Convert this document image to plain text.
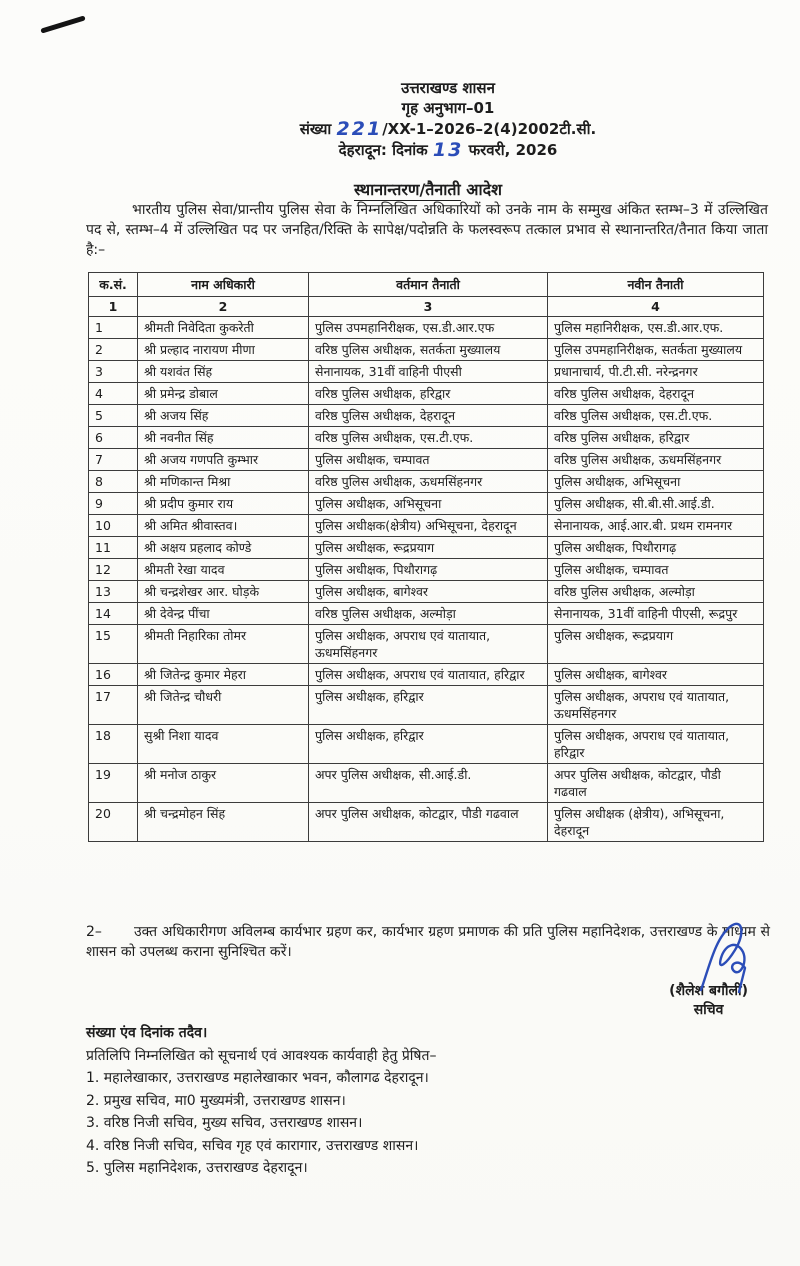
उत्तराखण्ड शासन
गृह अनुभाग–01
संख्या 221/XX-1–2026–2(4)2002टी.सी.
देहरादून: दिनांक 13 फरवरी, 2026
स्थानान्तरण/तैनाती आदेश
भारतीय पुलिस सेवा/प्रान्तीय पुलिस सेवा के निम्नलिखित अधिकारियों को उनके नाम के सम्मुख अंकित स्तम्भ–3 में उल्लिखित पद से, स्तम्भ–4 में उल्लिखित पद पर जनहित/रिक्ति के सापेक्ष/पदोन्नति के फलस्वरूप तत्काल प्रभाव से स्थानान्तरित/तैनात किया जाता है:–
क.सं.	नाम अधिकारी	वर्तमान तैनाती	नवीन तैनाती
1	2	3	4
1	श्रीमती निवेदिता कुकरेती	पुलिस उपमहानिरीक्षक, एस.डी.आर.एफ	पुलिस महानिरीक्षक, एस.डी.आर.एफ.
2	श्री प्रल्हाद नारायण मीणा	वरिष्ठ पुलिस अधीक्षक, सतर्कता मुख्यालय	पुलिस उपमहानिरीक्षक, सतर्कता मुख्यालय
3	श्री यशवंत सिंह	सेनानायक, 31वीं वाहिनी पीएसी	प्रधानाचार्य, पी.टी.सी. नरेन्द्रनगर
4	श्री प्रमेन्द्र डोबाल	वरिष्ठ पुलिस अधीक्षक, हरिद्वार	वरिष्ठ पुलिस अधीक्षक, देहरादून
5	श्री अजय सिंह	वरिष्ठ पुलिस अधीक्षक, देहरादून	वरिष्ठ पुलिस अधीक्षक, एस.टी.एफ.
6	श्री नवनीत सिंह	वरिष्ठ पुलिस अधीक्षक, एस.टी.एफ.	वरिष्ठ पुलिस अधीक्षक, हरिद्वार
7	श्री अजय गणपति कुम्भार	पुलिस अधीक्षक, चम्पावत	वरिष्ठ पुलिस अधीक्षक, ऊधमसिंहनगर
8	श्री मणिकान्त मिश्रा	वरिष्ठ पुलिस अधीक्षक, ऊधमसिंहनगर	पुलिस अधीक्षक, अभिसूचना
9	श्री प्रदीप कुमार राय	पुलिस अधीक्षक, अभिसूचना	पुलिस अधीक्षक, सी.बी.सी.आई.डी.
10	श्री अमित श्रीवास्तव।	पुलिस अधीक्षक(क्षेत्रीय) अभिसूचना, देहरादून	सेनानायक, आई.आर.बी. प्रथम रामनगर
11	श्री अक्षय प्रहलाद कोण्डे	पुलिस अधीक्षक, रूद्रप्रयाग	पुलिस अधीक्षक, पिथौरागढ़
12	श्रीमती रेखा यादव	पुलिस अधीक्षक, पिथौरागढ़	पुलिस अधीक्षक, चम्पावत
13	श्री चन्द्रशेखर आर. घोड़के	पुलिस अधीक्षक, बागेश्वर	वरिष्ठ पुलिस अधीक्षक, अल्मोड़ा
14	श्री देवेन्द्र पींचा	वरिष्ठ पुलिस अधीक्षक, अल्मोड़ा	सेनानायक, 31वीं वाहिनी पीएसी, रूद्रपुर
15	श्रीमती निहारिका तोमर	पुलिस अधीक्षक, अपराध एवं यातायात, ऊधमसिंहनगर	पुलिस अधीक्षक, रूद्रप्रयाग
16	श्री जितेन्द्र कुमार मेहरा	पुलिस अधीक्षक, अपराध एवं यातायात, हरिद्वार	पुलिस अधीक्षक, बागेश्वर
17	श्री जितेन्द्र चौधरी	पुलिस अधीक्षक, हरिद्वार	पुलिस अधीक्षक, अपराध एवं यातायात, ऊधमसिंहनगर
18	सुश्री निशा यादव	पुलिस अधीक्षक, हरिद्वार	पुलिस अधीक्षक, अपराध एवं यातायात, हरिद्वार
19	श्री मनोज ठाकुर	अपर पुलिस अधीक्षक, सी.आई.डी.	अपर पुलिस अधीक्षक, कोटद्वार, पौडी गढवाल
20	श्री चन्द्रमोहन सिंह	अपर पुलिस अधीक्षक, कोटद्वार, पौडी गढवाल	पुलिस अधीक्षक (क्षेत्रीय), अभिसूचना, देहरादून
2– उक्त अधिकारीगण अविलम्ब कार्यभार ग्रहण कर, कार्यभार ग्रहण प्रमाणक की प्रति पुलिस महानिदेशक, उत्तराखण्ड के माध्यम से शासन को उपलब्ध कराना सुनिश्चित करें।
(शैलेश बगौली)
सचिव
संख्या एंव दिनांक तदैव।
प्रतिलिपि निम्नलिखित को सूचनार्थ एवं आवश्यक कार्यवाही हेतु प्रेषित–
1. महालेखाकार, उत्तराखण्ड महालेखाकार भवन, कौलागढ देहरादून।
2. प्रमुख सचिव, मा0 मुख्यमंत्री, उत्तराखण्ड शासन।
3. वरिष्ठ निजी सचिव, मुख्य सचिव, उत्तराखण्ड शासन।
4. वरिष्ठ निजी सचिव, सचिव गृह एवं कारागार, उत्तराखण्ड शासन।
5. पुलिस महानिदेशक, उत्तराखण्ड देहरादून।
